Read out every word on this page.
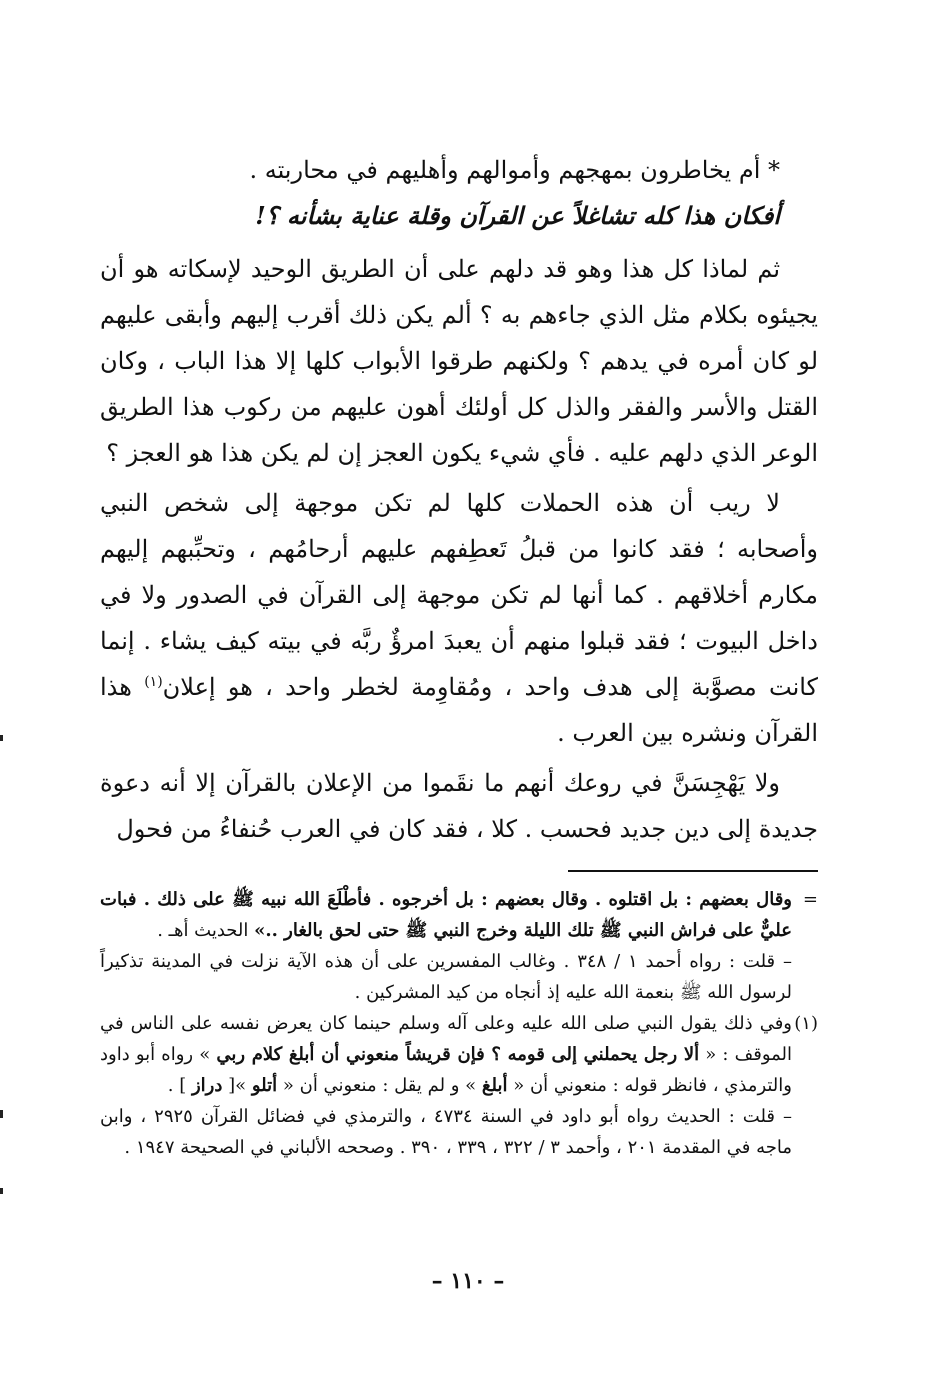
* أم يخاطرون بمهجهم وأموالهم وأهليهم في محاربته .

أفكان هذا كله تشاغلاً عن القرآن وقلة عناية بشأنه ؟!

ثم لماذا كل هذا وهو قد دلهم على أن الطريق الوحيد لإسكاته هو أن يجيئوه بكلام مثل الذي جاءهم به ؟ ألم يكن ذلك أقرب إليهم وأبقى عليهم لو كان أمره في يدهم ؟ ولكنهم طرقوا الأبواب كلها إلا هذا الباب ، وكان القتل والأسر والفقر والذل كل أولئك أهون عليهم من ركوب هذا الطريق الوعر الذي دلهم عليه . فأي شيء يكون العجز إن لم يكن هذا هو العجز ؟

لا ريب أن هذه الحملات كلها لم تكن موجهة إلى شخص النبي وأصحابه ؛ فقد كانوا من قبلُ تَعطِفهم عليهم أرحامُهم ، وتحبِّبهم إليهم مكارم أخلاقهم . كما أنها لم تكن موجهة إلى القرآن في الصدور ولا في داخل البيوت ؛ فقد قبلوا منهم أن يعبدَ امرؤٌ ربَّه في بيته كيف يشاء . إنما كانت مصوَّبة إلى هدف واحد ، ومُقاوِمة لخطر واحد ، هو إعلان$^{(١)}$ هذا القرآن ونشره بين العرب .

ولا يَهْجِسَنَّ في روعك أنهم ما نقَموا من الإعلان بالقرآن إلا أنه دعوة جديدة إلى دين جديد فحسب . كلا ، فقد كان في العرب حُنفاءُ من فحول

=

وقال بعضهم : بل اقتلوه . وقال بعضهم : بل أخرجوه . فأطْلَعَ الله نبيه ﷺ على ذلك . فبات عليٌّ على فراش النبي ﷺ تلك الليلة وخرج النبي ﷺ حتى لحق بالغار ..» الحديث أهـ .

– قلت : رواه أحمد ١ / ٣٤٨ . وغالب المفسرين على أن هذه الآية نزلت في المدينة تذكيراً لرسول الله ﷺ بنعمة الله عليه إذ أنجاه من كيد المشركين .

(١)

وفي ذلك يقول النبي صلى الله عليه وعلى آله وسلم حينما كان يعرض نفسه على الناس في الموقف : « ألا رجل يحملني إلى قومه ؟ فإن قريشاً منعوني أن أبلغ كلام ربي » رواه أبو داود والترمذي ، فانظر قوله : منعوني أن « أبلغ » و لم يقل : منعوني أن « أتلو »[ دراز ] .

– قلت : الحديث رواه أبو داود في السنة ٤٧٣٤ ، والترمذي في فضائل القرآن ٢٩٢٥ ، وابن ماجه في المقدمة ٢٠١ ، وأحمد ٣ / ٣٢٢ ، ٣٣٩ ، ٣٩٠ . وصححه الألباني في الصحيحة ١٩٤٧ .

– ١١٠ –
